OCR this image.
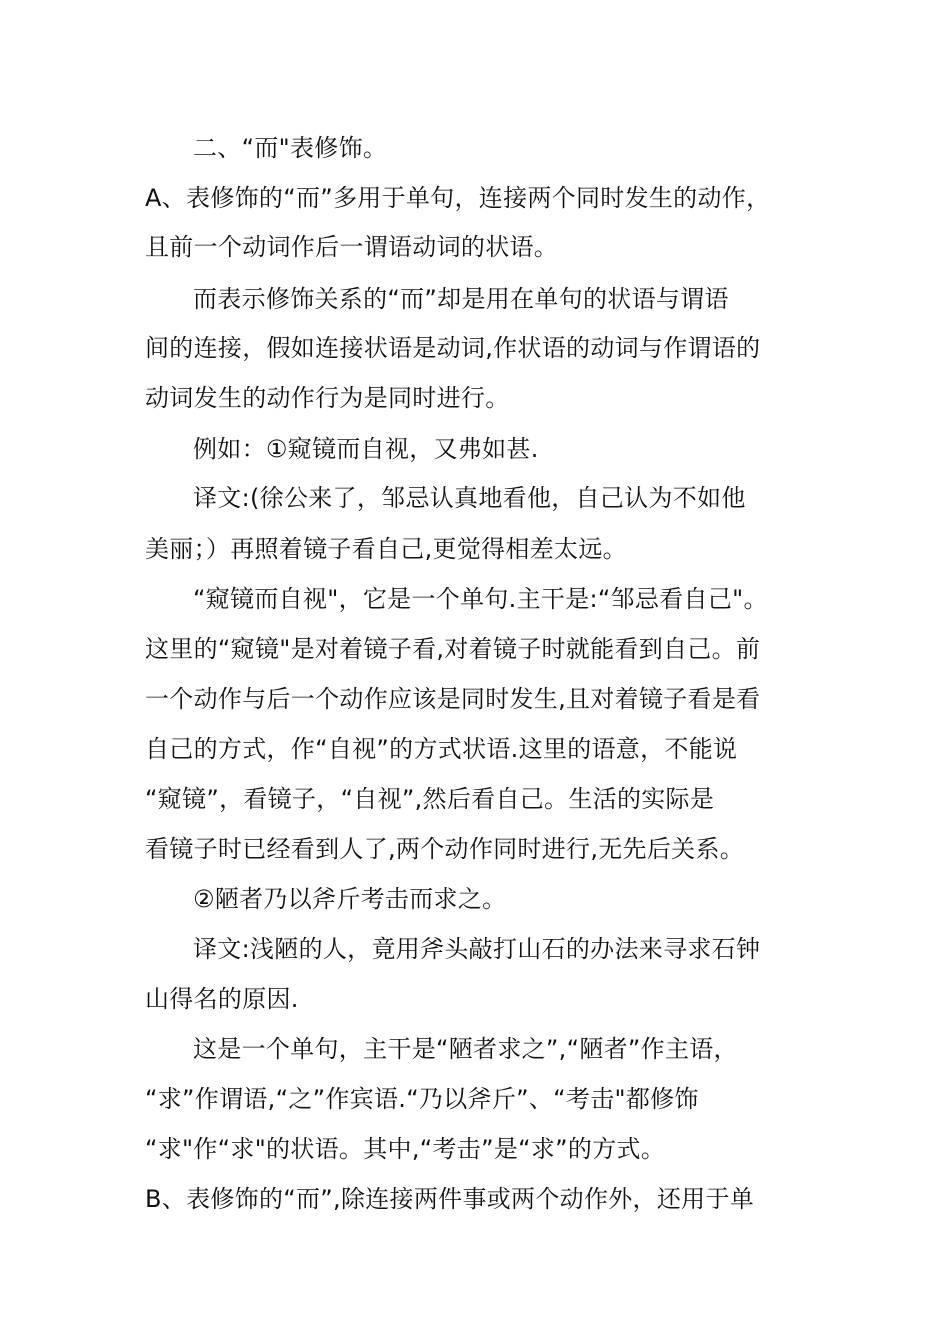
二、“而"表修饰。
A、表修饰的“而”多用于单句，连接两个同时发生的动作，
且前一个动词作后一谓语动词的状语。
而表示修饰关系的“而”却是用在单句的状语与谓语
间的连接，假如连接状语是动词,作状语的动词与作谓语的
动词发生的动作行为是同时进行。
例如：①窥镜而自视，又弗如甚.
译文:(徐公来了，邹忌认真地看他，自己认为不如他
美丽；）再照着镜子看自己,更觉得相差太远。
“窥镜而自视"，它是一个单句.主干是:“邹忌看自己"。
这里的“窥镜"是对着镜子看,对着镜子时就能看到自己。前
一个动作与后一个动作应该是同时发生,且对着镜子看是看
自己的方式，作“自视”的方式状语.这里的语意，不能说
“窥镜”，看镜子，“自视”,然后看自己。生活的实际是
看镜子时已经看到人了,两个动作同时进行,无先后关系。
②陋者乃以斧斤考击而求之。
译文:浅陋的人，竟用斧头敲打山石的办法来寻求石钟
山得名的原因.
这是一个单句，主干是“陋者求之”,“陋者”作主语，
“求”作谓语,“之”作宾语.“乃以斧斤”、“考击"都修饰
“求"作“求"的状语。其中,“考击”是“求”的方式。
B、表修饰的“而”,除连接两件事或两个动作外，还用于单
